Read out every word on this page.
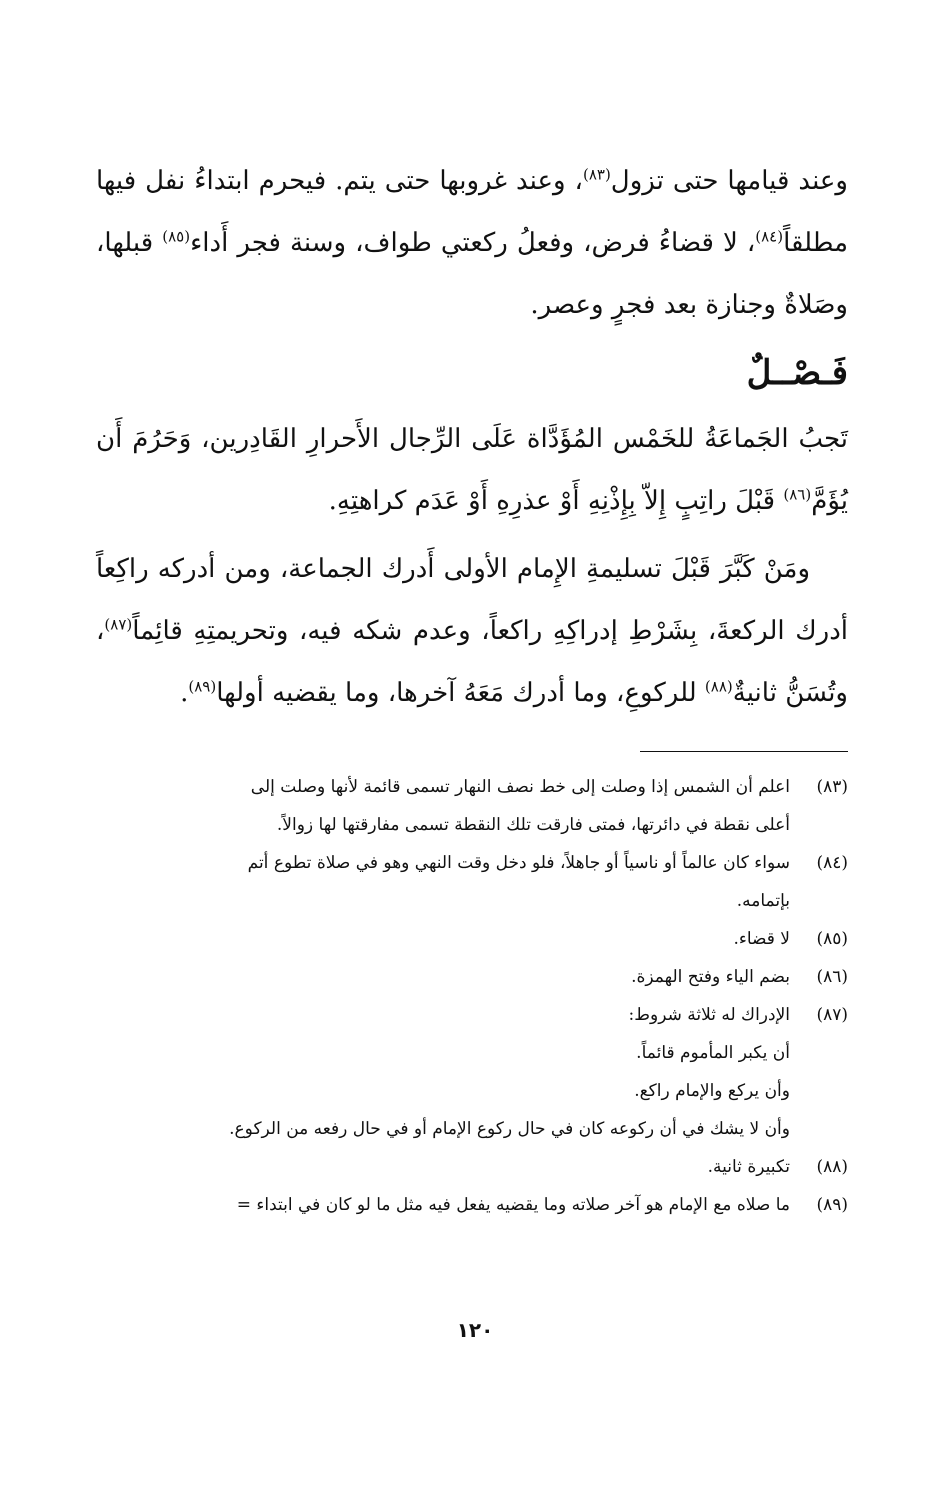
وعند قيامها حتى تزول$^{(٨٣)}$، وعند غروبها حتى يتم. فيحرم ابتداءُ نفل فيها مطلقاً$^{(٨٤)}$، لا قضاءُ فرض، وفعلُ ركعتي طواف، وسنة فجر أَداء$^{(٨٥)}$ قبلها، وصَلاةٌ وجنازة بعد فجرٍ وعصر.

فَـصْــلٌ

تَجبُ الجَماعَةُ للخَمْس المُؤَدَّاة عَلَى الرِّجال الأَحرارِ القَادِرين، وَحَرُمَ أَن يُؤَمَّ$^{(٨٦)}$ قَبْلَ راتِبٍ إِلاّ بِإِذْنِهِ أَوْ عذرِهِ أَوْ عَدَم كراهتِهِ.

ومَنْ كَبَّرَ قَبْلَ تسليمةِ الإِمام الأولى أَدرك الجماعة، ومن أدركه راكِعاً أدرك الركعةَ، بِشَرْطِ إدراكِهِ راكعاً، وعدم شكه فيه، وتحريمتِهِ قائِماً$^{(٨٧)}$، وتُسَنُّ ثانيةٌ$^{(٨٨)}$ للركوعِ، وما أدرك مَعَهُ آخرها، وما يقضيه أولها$^{(٨٩)}$.

(٨٣)
اعلم أن الشمس إذا وصلت إلى خط نصف النهار تسمى قائمة لأنها وصلت إلى
أعلى نقطة في دائرتها، فمتى فارقت تلك النقطة تسمى مفارقتها لها زوالاً.
(٨٤)
سواء كان عالماً أو ناسياً أو جاهلاً، فلو دخل وقت النهي وهو في صلاة تطوع أتم
بإتمامه.
(٨٥)
لا قضاء.
(٨٦)
بضم الياء وفتح الهمزة.
(٨٧)
الإدراك له ثلاثة شروط:
أن يكبر المأموم قائماً.
وأن يركع والإمام راكع.
وأن لا يشك في أن ركوعه كان في حال ركوع الإمام أو في حال رفعه من الركوع.
(٨٨)
تكبيرة ثانية.
(٨٩)
ما صلاه مع الإمام هو آخر صلاته وما يقضيه يفعل فيه مثل ما لو كان في ابتداء =
١٢٠
